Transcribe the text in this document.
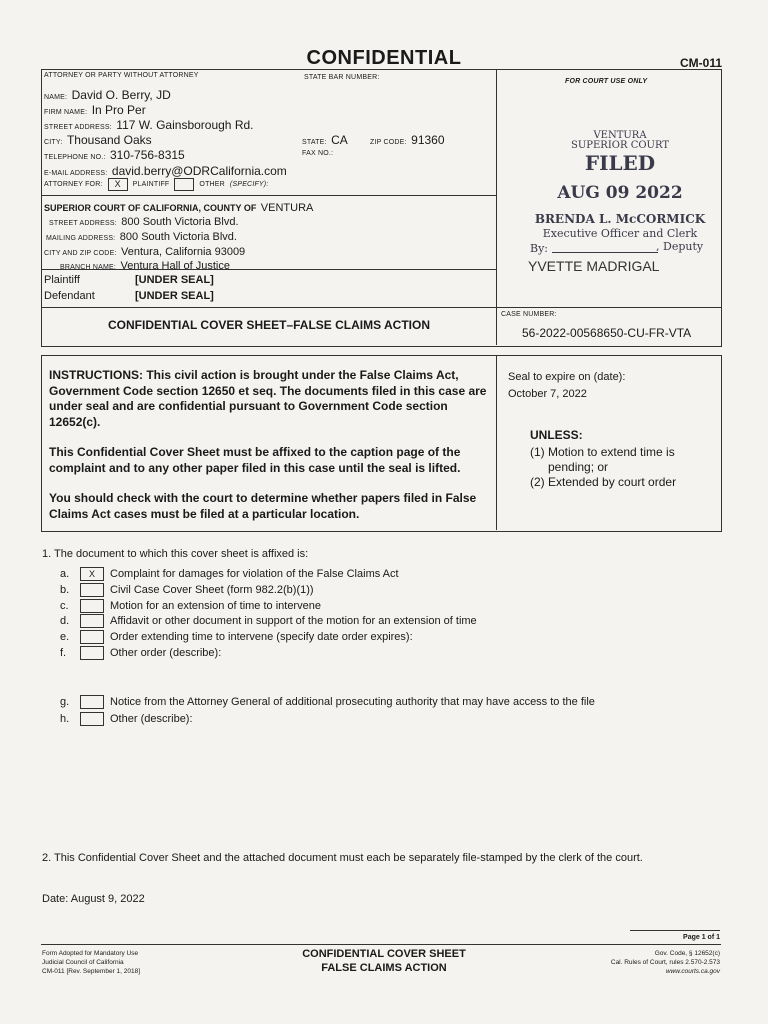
CONFIDENTIAL	CM-011
ATTORNEY OR PARTY WITHOUT ATTORNEY	STATE BAR NUMBER:
FOR COURT USE ONLY
NAME: David O. Berry, JD
FIRM NAME: In Pro Per
STREET ADDRESS: 117 W. Gainsborough Rd.
CITY: Thousand Oaks	STATE: CA	ZIP CODE: 91360
TELEPHONE NO.: 310-756-8315	FAX NO.:
E-MAIL ADDRESS: david.berry@ODRCalifornia.com
ATTORNEY FOR:	X	PLAINTIFF	OTHER (SPECIFY):
SUPERIOR COURT OF CALIFORNIA, COUNTY OF VENTURA
STREET ADDRESS: 800 South Victoria Blvd.
MAILING ADDRESS: 800 South Victoria Blvd.
CITY AND ZIP CODE: Ventura, California 93009
BRANCH NAME: Ventura Hall of Justice
Plaintiff	[UNDER SEAL]
Defendant	[UNDER SEAL]
CONFIDENTIAL COVER SHEET–FALSE CLAIMS ACTION
CASE NUMBER:
56-2022-00568650-CU-FR-VTA
VENTURA
SUPERIOR COURT
FILED
AUG 09 2022
BRENDA L. McCORMICK
Executive Officer and Clerk
By:	, Deputy
YVETTE MADRIGAL
INSTRUCTIONS: This civil action is brought under the False Claims Act, Government Code section 12650 et seq. The documents filed in this case are under seal and are confidential pursuant to Government Code section 12652(c).
This Confidential Cover Sheet must be affixed to the caption page of the complaint and to any other paper filed in this case until the seal is lifted.
You should check with the court to determine whether papers filed in False Claims Act cases must be filed at a particular location.
Seal to expire on (date):
October 7, 2022
UNLESS:
(1) Motion to extend time is
pending; or
(2) Extended by court order
1. The document to which this cover sheet is affixed is:
a.	X	Complaint for damages for violation of the False Claims Act
b.	Civil Case Cover Sheet (form 982.2(b)(1))
c.	Motion for an extension of time to intervene
d.	Affidavit or other document in support of the motion for an extension of time
e.	Order extending time to intervene (specify date order expires):
f.	Other order (describe):
g.	Notice from the Attorney General of additional prosecuting authority that may have access to the file
h.	Other (describe):
2. This Confidential Cover Sheet and the attached document must each be separately file-stamped by the clerk of the court.
Date: August 9, 2022
Page 1 of 1
Form Adopted for Mandatory Use
Judicial Council of California
CM-011 [Rev. September 1, 2018]
CONFIDENTIAL COVER SHEET
FALSE CLAIMS ACTION
Gov. Code, § 12652(c)
Cal. Rules of Court, rules 2.570-2.573
www.courts.ca.gov
